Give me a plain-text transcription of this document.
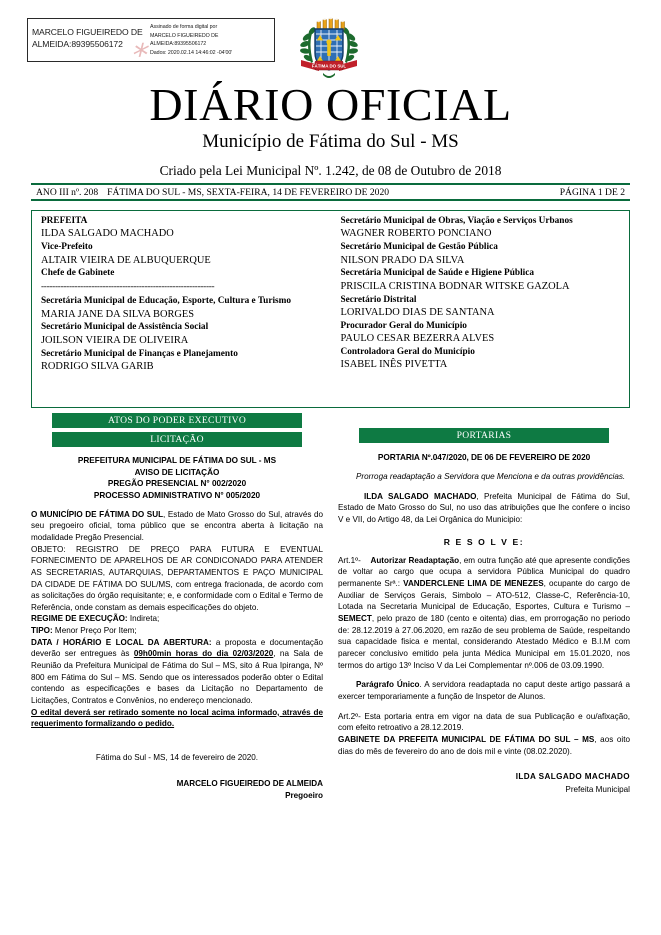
MARCELO FIGUEIREDO DE
ALMEIDA:89395506172 ⁎
Assinado de forma digital por
MARCELO FIGUEIREDO DE
ALMEIDA:89395506172
Dados: 2020.02.14 14:46:02 -04'00'
FÁTIMA DO SUL
DIÁRIO OFICIAL
Município de Fátima do Sul - MS
Criado pela Lei Municipal Nº. 1.242, de 08 de Outubro de 2018
ANO III nº. 208 FÁTIMA DO SUL - MS, SEXTA-FEIRA, 14 DE FEVEREIRO DE 2020	PÁGINA 1 DE 2
PREFEITA
ILDA SALGADO MACHADO
Vice-Prefeito
ALTAIR VIEIRA DE ALBUQUERQUE
Chefe de Gabinete
--------------------------------------------------------------
Secretária Municipal de Educação, Esporte, Cultura e Turismo
MARIA JANE DA SILVA BORGES
Secretário Municipal de Assistência Social
JOILSON VIEIRA DE OLIVEIRA
Secretário Municipal de Finanças e Planejamento
RODRIGO SILVA GARIB
Secretário Municipal de Obras, Viação e Serviços Urbanos
WAGNER ROBERTO PONCIANO
Secretário Municipal de Gestão Pública
NILSON PRADO DA SILVA
Secretária Municipal de Saúde e Higiene Pública
PRISCILA CRISTINA BODNAR WITSKE GAZOLA
Secretário Distrital
LORIVALDO DIAS DE SANTANA
Procurador Geral do Município
PAULO CESAR BEZERRA ALVES
Controladora Geral do Município
ISABEL INÊS PIVETTA
ATOS DO PODER EXECUTIVO
LICITAÇÃO
PREFEITURA MUNICIPAL DE FÁTIMA DO SUL - MS
AVISO DE LICITAÇÃO
PREGÃO PRESENCIAL N° 002/2020
PROCESSO ADMINISTRATIVO N° 005/2020

O MUNICÍPIO DE FÁTIMA DO SUL, Estado de Mato Grosso do Sul, através do seu pregoeiro oficial, toma público que se encontra aberta à licitação na modalidade Pregão Presencial.

OBJETO: REGISTRO DE PREÇO PARA FUTURA E EVENTUAL FORNECIMENTO DE APARELHOS DE AR CONDICONADO PARA ATENDER AS SECRETARIAS, AUTARQUIAS, DEPARTAMENTOS E PAÇO MUNICIPAL DA CIDADE DE FÁTIMA DO SUL/MS, com entrega fracionada, de acordo com as solicitações do órgão requisitante; e, e conformidade com o Edital e Termo de Referência, onde constam as demais especificações do objeto.

REGIME DE EXECUÇÃO: Indireta;

TIPO: Menor Preço Por Item;

DATA / HORÁRIO E LOCAL DA ABERTURA: a proposta e documentação deverão ser entregues às 09h00min horas do dia 02/03/2020, na Sala de Reunião da Prefeitura Municipal de Fátima do Sul – MS, sito á Rua Ipiranga, Nº 800 em Fátima do Sul – MS. Sendo que os interessados poderão obter o Edital contendo as especificações e bases da Licitação no Departamento de Licitações, Contratos e Convênios, no endereço mencionado.

O edital deverá ser retirado somente no local acima informado, através de requerimento formalizando o pedido.

Fátima do Sul - MS, 14 de fevereiro de 2020.

MARCELO FIGUEIREDO DE ALMEIDA

Pregoeiro

PORTARIAS

PORTARIA Nº.047/2020, DE 06 DE FEVEREIRO DE 2020

Prorroga readaptação a Servidora que Menciona e da outras providências.

ILDA SALGADO MACHADO, Prefeita Municipal de Fátima do Sul, Estado de Mato Grosso do Sul, no uso das atribuições que lhe confere o inciso V e VII, do Artigo 48, da Lei Orgânica do Municipio:

R E S O L V E:

Art.1º- Autorizar Readaptação, em outra função até que apresente condições de voltar ao cargo que ocupa a servidora Pública Municipal do quadro permanente Srª.: VANDERCLENE LIMA DE MENEZES, ocupante do cargo de Auxiliar de Serviços Gerais, Simbolo – ATO-512, Classe-C, Referência-10, Lotada na Secretaria Municipal de Educação, Esportes, Cultura e Turismo – SEMECT, pelo prazo de 180 (cento e oitenta) dias, em prorrogação no periodo de: 28.12.2019 à 27.06.2020, em razão de seu problema de Saúde, respeitando sua capacidade fisica e mental, considerando Atestado Médico e B.I.M com parecer conclusivo emitido pela junta Médica Municipal em 15.01.2020, nos termos do artigo 13º Inciso V da Lei Complementar nº.006 de 03.09.1990.

Parágrafo Único. A servidora readaptada no caput deste artigo passará a exercer temporariamente a função de Inspetor de Alunos.

Art.2º- Esta portaria entra em vigor na data de sua Publicação e ou/afixação, com efeito retroativo a 28.12.2019.

GABINETE DA PREFEITA MUNICIPAL DE FÁTIMA DO SUL – MS, aos oito dias do mês de fevereiro do ano de dois mil e vinte (08.02.2020).

ILDA SALGADO MACHADO
Prefeita Municipal
